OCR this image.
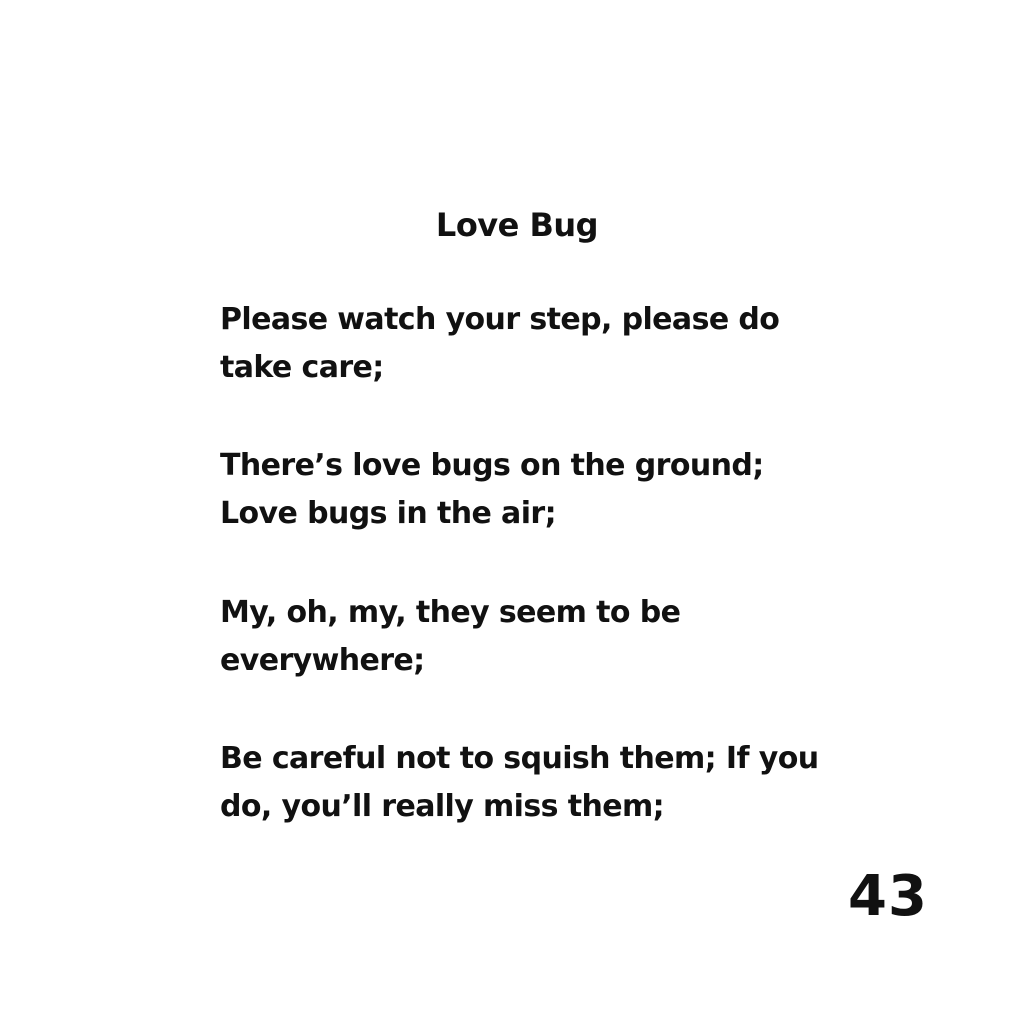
Love Bug

Please watch your step, please do take care;

There’s love bugs on the ground; Love bugs in the air;

My, oh, my, they seem to be everywhere;

Be careful not to squish them; If you do, you’ll really miss them;

43
